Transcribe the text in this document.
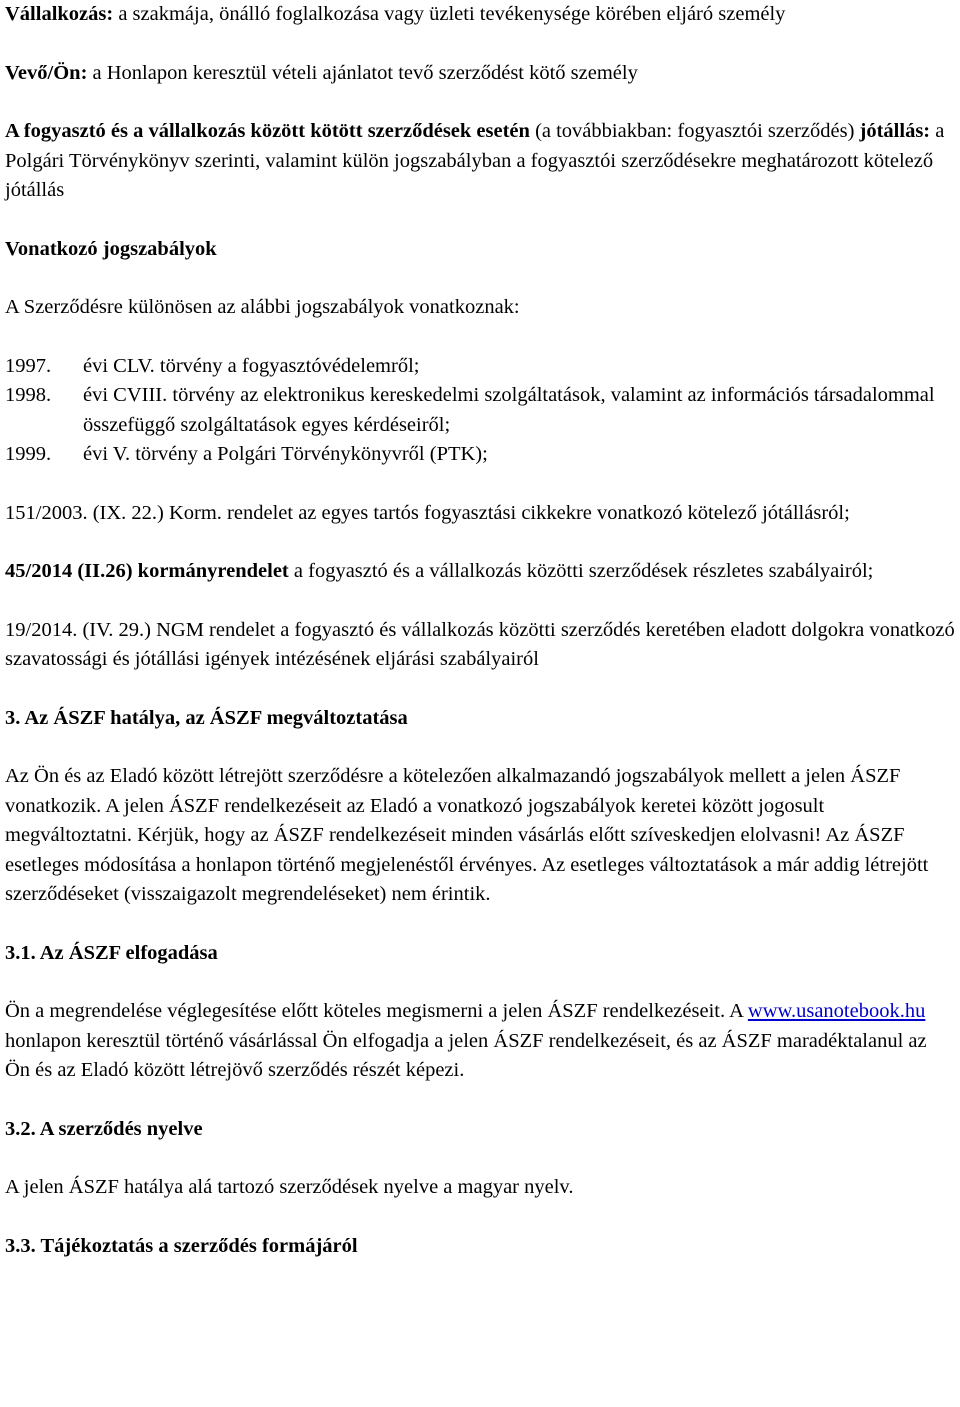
Vállalkozás: a szakmája, önálló foglalkozása vagy üzleti tevékenysége körében eljáró személy

Vevő/Ön: a Honlapon keresztül vételi ajánlatot tevő szerződést kötő személy

A fogyasztó és a vállalkozás között kötött szerződések esetén (a továbbiakban: fogyasztói szerződés) jótállás: a Polgári Törvénykönyv szerinti, valamint külön jogszabályban a fogyasztói szerződésekre meghatározott kötelező jótállás

Vonatkozó jogszabályok

A Szerződésre különösen az alábbi jogszabályok vonatkoznak:

1997. évi CLV. törvény a fogyasztóvédelemről;

1998. évi CVIII. törvény az elektronikus kereskedelmi szolgáltatások, valamint az információs társadalommal összefüggő szolgáltatások egyes kérdéseiről;

1999. évi V. törvény a Polgári Törvénykönyvről (PTK);

151/2003. (IX. 22.) Korm. rendelet az egyes tartós fogyasztási cikkekre vonatkozó kötelező jótállásról;

45/2014 (II.26) kormányrendelet a fogyasztó és a vállalkozás közötti szerződések részletes szabályairól;

19/2014. (IV. 29.) NGM rendelet a fogyasztó és vállalkozás közötti szerződés keretében eladott dolgokra vonatkozó szavatossági és jótállási igények intézésének eljárási szabályairól

3. Az ÁSZF hatálya, az ÁSZF megváltoztatása

Az Ön és az Eladó között létrejött szerződésre a kötelezően alkalmazandó jogszabályok mellett a jelen ÁSZF vonatkozik. A jelen ÁSZF rendelkezéseit az Eladó a vonatkozó jogszabályok keretei között jogosult megváltoztatni. Kérjük, hogy az ÁSZF rendelkezéseit minden vásárlás előtt szíveskedjen elolvasni! Az ÁSZF esetleges módosítása a honlapon történő megjelenéstől érvényes. Az esetleges változtatások a már addig létrejött szerződéseket (visszaigazolt megrendeléseket) nem érintik.

3.1. Az ÁSZF elfogadása

Ön a megrendelése véglegesítése előtt köteles megismerni a jelen ÁSZF rendelkezéseit. A www.usanotebook.hu honlapon keresztül történő vásárlással Ön elfogadja a jelen ÁSZF rendelkezéseit, és az ÁSZF maradéktalanul az Ön és az Eladó között létrejövő szerződés részét képezi.

3.2. A szerződés nyelve

A jelen ÁSZF hatálya alá tartozó szerződések nyelve a magyar nyelv.

3.3. Tájékoztatás a szerződés formájáról
